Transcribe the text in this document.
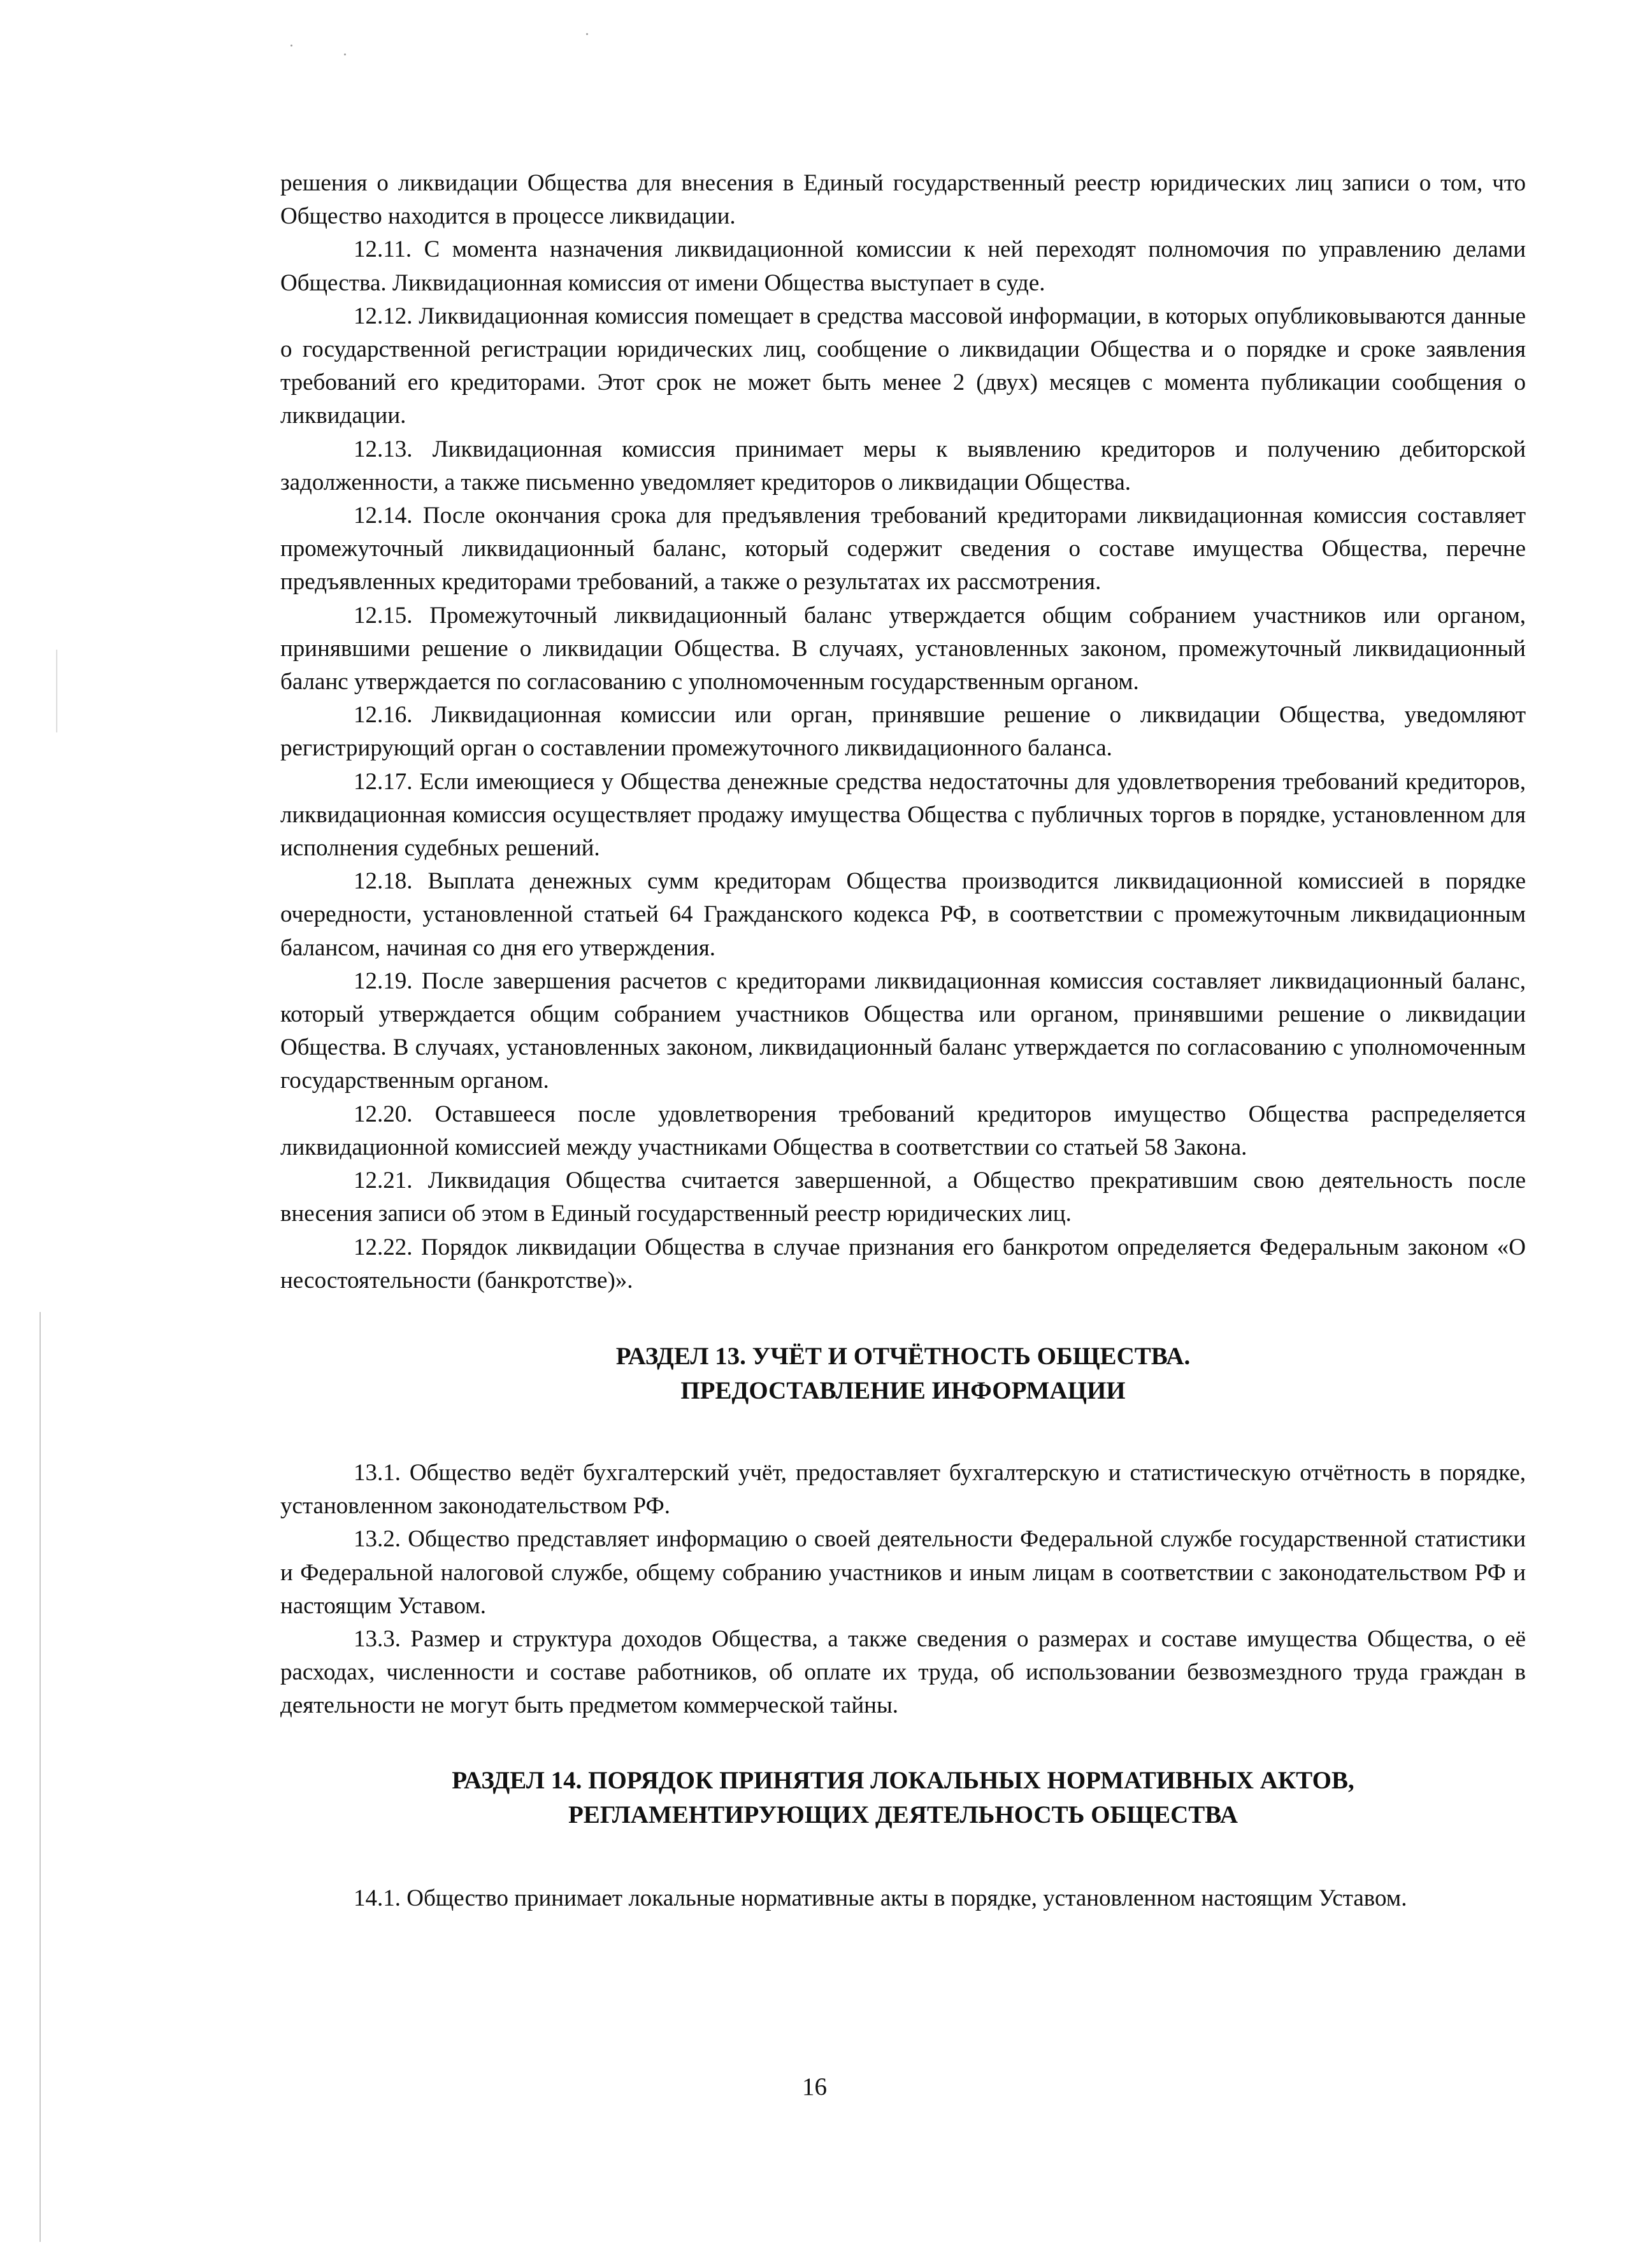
решения о ликвидации Общества для внесения в Единый государственный реестр юридических лиц записи о том, что Общество находится в процессе ликвидации.

12.11. С момента назначения ликвидационной комиссии к ней переходят полномочия по управлению делами Общества. Ликвидационная комиссия от имени Общества выступает в суде.

12.12. Ликвидационная комиссия помещает в средства массовой информации, в которых опубликовываются данные о государственной регистрации юридических лиц, сообщение о ликвидации Общества и о порядке и сроке заявления требований его кредиторами. Этот срок не может быть менее 2 (двух) месяцев с момента публикации сообщения о ликвидации.

12.13. Ликвидационная комиссия принимает меры к выявлению кредиторов и получению дебиторской задолженности, а также письменно уведомляет кредиторов о ликвидации Общества.

12.14. После окончания срока для предъявления требований кредиторами ликвидационная комиссия составляет промежуточный ликвидационный баланс, который содержит сведения о составе имущества Общества, перечне предъявленных кредиторами требований, а также о результатах их рассмотрения.

12.15. Промежуточный ликвидационный баланс утверждается общим собранием участников или органом, принявшими решение о ликвидации Общества. В случаях, установленных законом, промежуточный ликвидационный баланс утверждается по согласованию с уполномоченным государственным органом.

12.16. Ликвидационная комиссии или орган, принявшие решение о ликвидации Общества, уведомляют регистрирующий орган о составлении промежуточного ликвидационного баланса.

12.17. Если имеющиеся у Общества денежные средства недостаточны для удовлетворения требований кредиторов, ликвидационная комиссия осуществляет продажу имущества Общества с публичных торгов в порядке, установленном для исполнения судебных решений.

12.18. Выплата денежных сумм кредиторам Общества производится ликвидационной комиссией в порядке очередности, установленной статьей 64 Гражданского кодекса РФ, в соответствии с промежуточным ликвидационным балансом, начиная со дня его утверждения.

12.19. После завершения расчетов с кредиторами ликвидационная комиссия составляет ликвидационный баланс, который утверждается общим собранием участников Общества или органом, принявшими решение о ликвидации Общества. В случаях, установленных законом, ликвидационный баланс утверждается по согласованию с уполномоченным государственным органом.

12.20. Оставшееся после удовлетворения требований кредиторов имущество Общества распределяется ликвидационной комиссией между участниками Общества в соответствии со статьей 58 Закона.

12.21. Ликвидация Общества считается завершенной, а Общество прекратившим свою деятельность после внесения записи об этом в Единый государственный реестр юридических лиц.

12.22. Порядок ликвидации Общества в случае признания его банкротом определяется Федеральным законом «О несостоятельности (банкротстве)».

РАЗДЕЛ 13. УЧЁТ И ОТЧЁТНОСТЬ ОБЩЕСТВА.
ПРЕДОСТАВЛЕНИЕ ИНФОРМАЦИИ

13.1. Общество ведёт бухгалтерский учёт, предоставляет бухгалтерскую и статистическую отчётность в порядке, установленном законодательством РФ.

13.2. Общество представляет информацию о своей деятельности Федеральной службе государственной статистики и Федеральной налоговой службе, общему собранию участников и иным лицам в соответствии с законодательством РФ и настоящим Уставом.

13.3. Размер и структура доходов Общества, а также сведения о размерах и составе имущества Общества, о её расходах, численности и составе работников, об оплате их труда, об использовании безвозмездного труда граждан в деятельности не могут быть предметом коммерческой тайны.

РАЗДЕЛ 14. ПОРЯДОК ПРИНЯТИЯ ЛОКАЛЬНЫХ НОРМАТИВНЫХ АКТОВ,
РЕГЛАМЕНТИРУЮЩИХ ДЕЯТЕЛЬНОСТЬ ОБЩЕСТВА

14.1. Общество принимает локальные нормативные акты в порядке, установленном настоящим Уставом.

16
